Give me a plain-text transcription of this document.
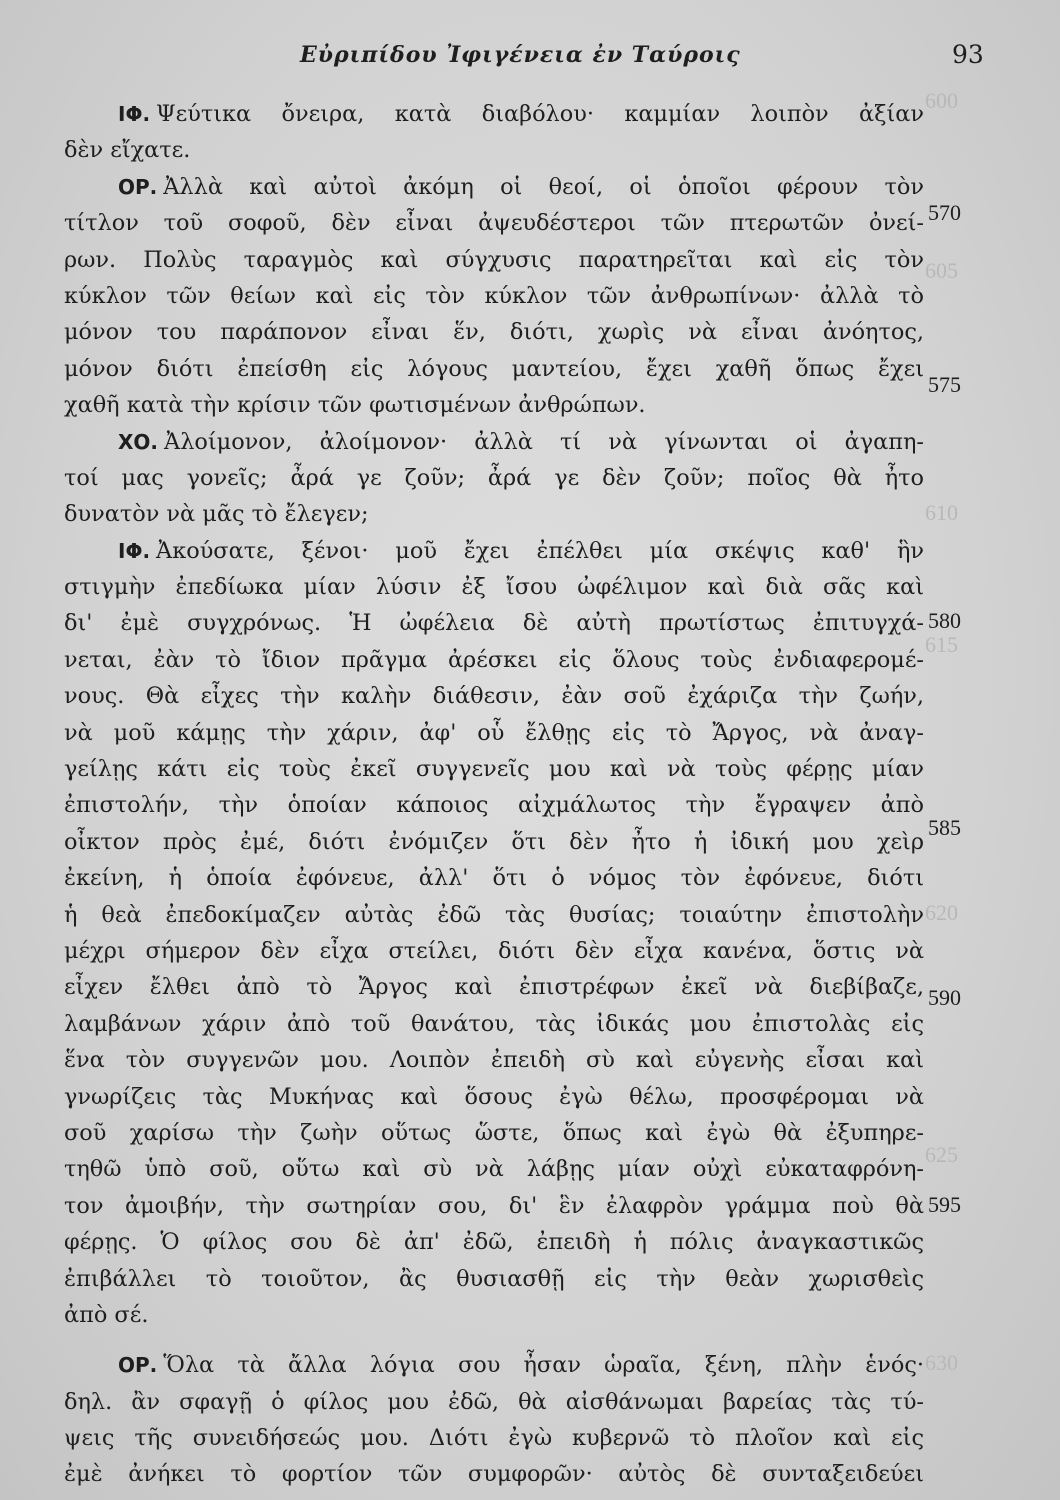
600
605
610
615
620
625
630
Εὐριπίδου Ἰφιγένεια ἐν Ταύροις	93
ΙΦ. Ψεύτικα ὄνειρα, κατὰ διαβόλου· καμμίαν λοιπὸν ἀξίαν
δὲν εἴχατε.
ΟΡ. Ἀλλὰ καὶ αὐτοὶ ἀκόμη οἱ θεοί, οἱ ὁποῖοι φέρουν τὸν
τίτλον τοῦ σοφοῦ, δὲν εἶναι ἀψευδέστεροι τῶν πτερωτῶν ὀνεί-
ρων. Πολὺς ταραγμὸς καὶ σύγχυσις παρατηρεῖται καὶ εἰς τὸν
κύκλον τῶν θείων καὶ εἰς τὸν κύκλον τῶν ἀνθρωπίνων· ἀλλὰ τὸ
μόνον του παράπονον εἶναι ἕν, διότι, χωρὶς νὰ εἶναι ἀνόητος,
μόνον διότι ἐπείσθη εἰς λόγους μαντείου, ἔχει χαθῆ ὅπως ἔχει
χαθῆ κατὰ τὴν κρίσιν τῶν φωτισμένων ἀνθρώπων.
ΧΟ. Ἀλοίμονον, ἀλοίμονον· ἀλλὰ τί νὰ γίνωνται οἱ ἀγαπη-
τοί μας γονεῖς; ἆρά γε ζοῦν; ἆρά γε δὲν ζοῦν; ποῖος θὰ ἦτο
δυνατὸν νὰ μᾶς τὸ ἔλεγεν;
ΙΦ. Ἀκούσατε, ξένοι· μοῦ ἔχει ἐπέλθει μία σκέψις καθ' ἣν
στιγμὴν ἐπεδίωκα μίαν λύσιν ἐξ ἴσου ὠφέλιμον καὶ διὰ σᾶς καὶ
δι' ἐμὲ συγχρόνως. Ἡ ὠφέλεια δὲ αὐτὴ πρωτίστως ἐπιτυγχά-
νεται, ἐὰν τὸ ἴδιον πρᾶγμα ἀρέσκει εἰς ὅλους τοὺς ἐνδιαφερομέ-
νους. Θὰ εἶχες τὴν καλὴν διάθεσιν, ἐὰν σοῦ ἐχάριζα τὴν ζωήν,
νὰ μοῦ κάμῃς τὴν χάριν, ἀφ' οὗ ἔλθῃς εἰς τὸ Ἄργος, νὰ ἀναγ-
γείλῃς κάτι εἰς τοὺς ἐκεῖ συγγενεῖς μου καὶ νὰ τοὺς φέρῃς μίαν
ἐπιστολήν, τὴν ὁποίαν κάποιος αἰχμάλωτος τὴν ἔγραψεν ἀπὸ
οἶκτον πρὸς ἐμέ, διότι ἐνόμιζεν ὅτι δὲν ἦτο ἡ ἰδική μου χεὶρ
ἐκείνη, ἡ ὁποία ἐφόνευε, ἀλλ' ὅτι ὁ νόμος τὸν ἐφόνευε, διότι
ἡ θεὰ ἐπεδοκίμαζεν αὐτὰς ἐδῶ τὰς θυσίας; τοιαύτην ἐπιστολὴν
μέχρι σήμερον δὲν εἶχα στείλει, διότι δὲν εἶχα κανένα, ὅστις νὰ
εἶχεν ἔλθει ἀπὸ τὸ Ἄργος καὶ ἐπιστρέφων ἐκεῖ νὰ διεβίβαζε,
λαμβάνων χάριν ἀπὸ τοῦ θανάτου, τὰς ἰδικάς μου ἐπιστολὰς εἰς
ἕνα τὸν συγγενῶν μου. Λοιπὸν ἐπειδὴ σὺ καὶ εὐγενὴς εἶσαι καὶ
γνωρίζεις τὰς Μυκήνας καὶ ὅσους ἐγὼ θέλω, προσφέρομαι νὰ
σοῦ χαρίσω τὴν ζωὴν οὕτως ὥστε, ὅπως καὶ ἐγὼ θὰ ἐξυπηρε-
τηθῶ ὑπὸ σοῦ, οὕτω καὶ σὺ νὰ λάβῃς μίαν οὐχὶ εὐκαταφρόνη-
τον ἀμοιβήν, τὴν σωτηρίαν σου, δι' ἓν ἐλαφρὸν γράμμα ποὺ θὰ
φέρῃς. Ὁ φίλος σου δὲ ἀπ' ἐδῶ, ἐπειδὴ ἡ πόλις ἀναγκαστικῶς
ἐπιβάλλει τὸ τοιοῦτον, ἂς θυσιασθῇ εἰς τὴν θεὰν χωρισθεὶς
ἀπὸ σέ.
ΟΡ. Ὅλα τὰ ἄλλα λόγια σου ἦσαν ὡραῖα, ξένη, πλὴν ἑνός·
δηλ. ἂν σφαγῇ ὁ φίλος μου ἐδῶ, θὰ αἰσθάνωμαι βαρείας τὰς τύ-
ψεις τῆς συνειδήσεώς μου. Διότι ἐγὼ κυβερνῶ τὸ πλοῖον καὶ εἰς
ἐμὲ ἀνήκει τὸ φορτίον τῶν συμφορῶν· αὐτὸς δὲ συνταξειδεύει
570
575
580
585
590
595
